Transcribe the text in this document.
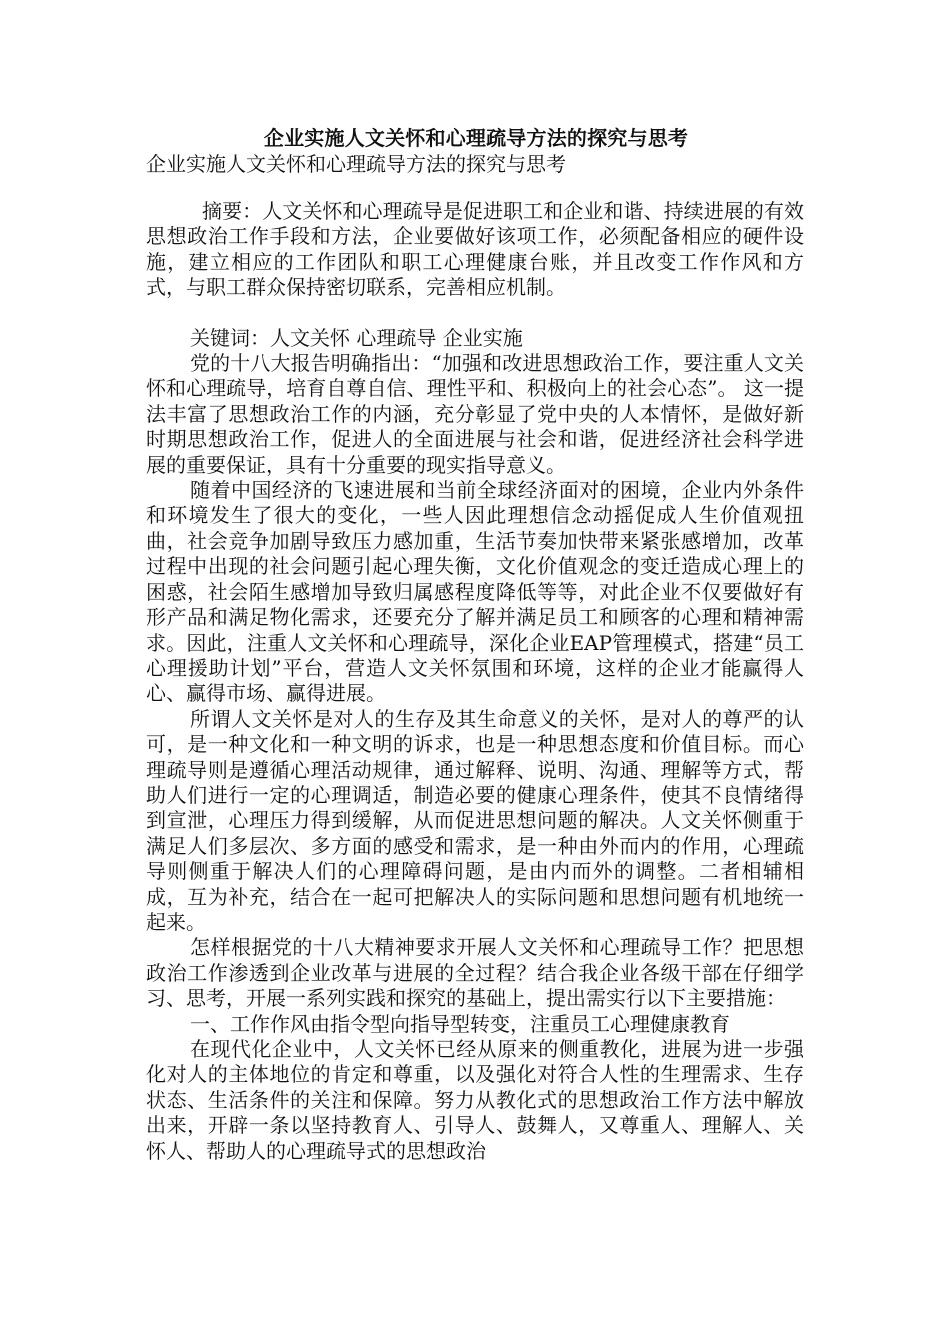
企业实施人文关怀和心理疏导方法的探究与思考
企业实施人文关怀和心理疏导方法的探究与思考

摘要：人文关怀和心理疏导是促进职工和企业和谐、持续进展的有效思想政治工作手段和方法，企业要做好该项工作，必须配备相应的硬件设施，建立相应的工作团队和职工心理健康台账，并且改变工作作风和方式，与职工群众保持密切联系，完善相应机制。

关键词：人文关怀 心理疏导 企业实施

党的十八大报告明确指出：“加强和改进思想政治工作，要注重人文关怀和心理疏导，培育自尊自信、理性平和、积极向上的社会心态”。 这一提法丰富了思想政治工作的内涵，充分彰显了党中央的人本情怀，是做好新时期思想政治工作，促进人的全面进展与社会和谐，促进经济社会科学进展的重要保证，具有十分重要的现实指导意义。

随着中国经济的飞速进展和当前全球经济面对的困境，企业内外条件和环境发生了很大的变化，一些人因此理想信念动摇促成人生价值观扭曲，社会竞争加剧导致压力感加重，生活节奏加快带来紧张感增加，改革过程中出现的社会问题引起心理失衡，文化价值观念的变迁造成心理上的困惑，社会陌生感增加导致归属感程度降低等等，对此企业不仅要做好有形产品和满足物化需求，还要充分了解并满足员工和顾客的心理和精神需求。因此，注重人文关怀和心理疏导，深化企业EAP管理模式，搭建“员工心理援助计划”平台，营造人文关怀氛围和环境，这样的企业才能赢得人心、赢得市场、赢得进展。

所谓人文关怀是对人的生存及其生命意义的关怀，是对人的尊严的认可，是一种文化和一种文明的诉求，也是一种思想态度和价值目标。而心理疏导则是遵循心理活动规律，通过解释、说明、沟通、理解等方式，帮助人们进行一定的心理调适，制造必要的健康心理条件，使其不良情绪得到宣泄，心理压力得到缓解，从而促进思想问题的解决。人文关怀侧重于满足人们多层次、多方面的感受和需求，是一种由外而内的作用，心理疏导则侧重于解决人们的心理障碍问题，是由内而外的调整。二者相辅相成，互为补充，结合在一起可把解决人的实际问题和思想问题有机地统一起来。

怎样根据党的十八大精神要求开展人文关怀和心理疏导工作？把思想政治工作渗透到企业改革与进展的全过程？结合我企业各级干部在仔细学习、思考，开展一系列实践和探究的基础上，提出需实行以下主要措施：

一、工作作风由指令型向指导型转变，注重员工心理健康教育

在现代化企业中，人文关怀已经从原来的侧重教化，进展为进一步强化对人的主体地位的肯定和尊重，以及强化对符合人性的生理需求、生存状态、生活条件的关注和保障。努力从教化式的思想政治工作方法中解放出来，开辟一条以坚持教育人、引导人、鼓舞人，又尊重人、理解人、关怀人、帮助人的心理疏导式的思想政治
